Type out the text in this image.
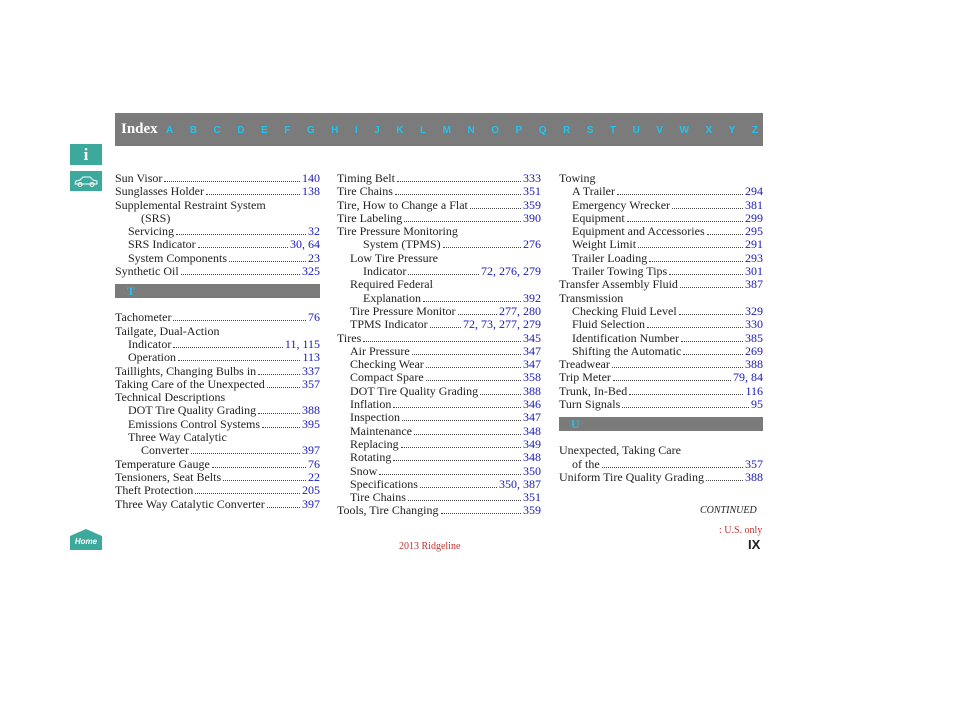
Index A B C D E F G H I J K L M N O P Q R S T U V W X Y Z
i
Sun Visor	140
Sunglasses Holder	138
Supplemental Restraint System
(SRS)
Servicing	32
SRS Indicator	30, 64
System Components	23
Synthetic Oil	325
T
Tachometer	76
Tailgate, Dual-Action
Indicator	11, 115
Operation	113
Taillights, Changing Bulbs in	337
Taking Care of the Unexpected	357
Technical Descriptions
DOT Tire Quality Grading	388
Emissions Control Systems	395
Three Way Catalytic
Converter	397
Temperature Gauge	76
Tensioners, Seat Belts	22
Theft Protection	205
Three Way Catalytic Converter	397
Timing Belt	333
Tire Chains	351
Tire, How to Change a Flat	359
Tire Labeling	390
Tire Pressure Monitoring
System (TPMS)	276
Low Tire Pressure
Indicator	72, 276, 279
Required Federal
Explanation	392
Tire Pressure Monitor	277, 280
TPMS Indicator	72, 73, 277, 279
Tires	345
Air Pressure	347
Checking Wear	347
Compact Spare	358
DOT Tire Quality Grading	388
Inflation	346
Inspection	347
Maintenance	348
Replacing	349
Rotating	348
Snow	350
Specifications	350, 387
Tire Chains	351
Tools, Tire Changing	359
Towing
A Trailer	294
Emergency Wrecker	381
Equipment	299
Equipment and Accessories	295
Weight Limit	291
Trailer Loading	293
Trailer Towing Tips	301
Transfer Assembly Fluid	387
Transmission
Checking Fluid Level	329
Fluid Selection	330
Identification Number	385
Shifting the Automatic	269
Treadwear	388
Trip Meter	79, 84
Trunk, In-Bed	116
Turn Signals	95
U
Unexpected, Taking Care
of the	357
Uniform Tire Quality Grading	388
CONTINUED
: U.S. only
IX
2013 Ridgeline
Home
